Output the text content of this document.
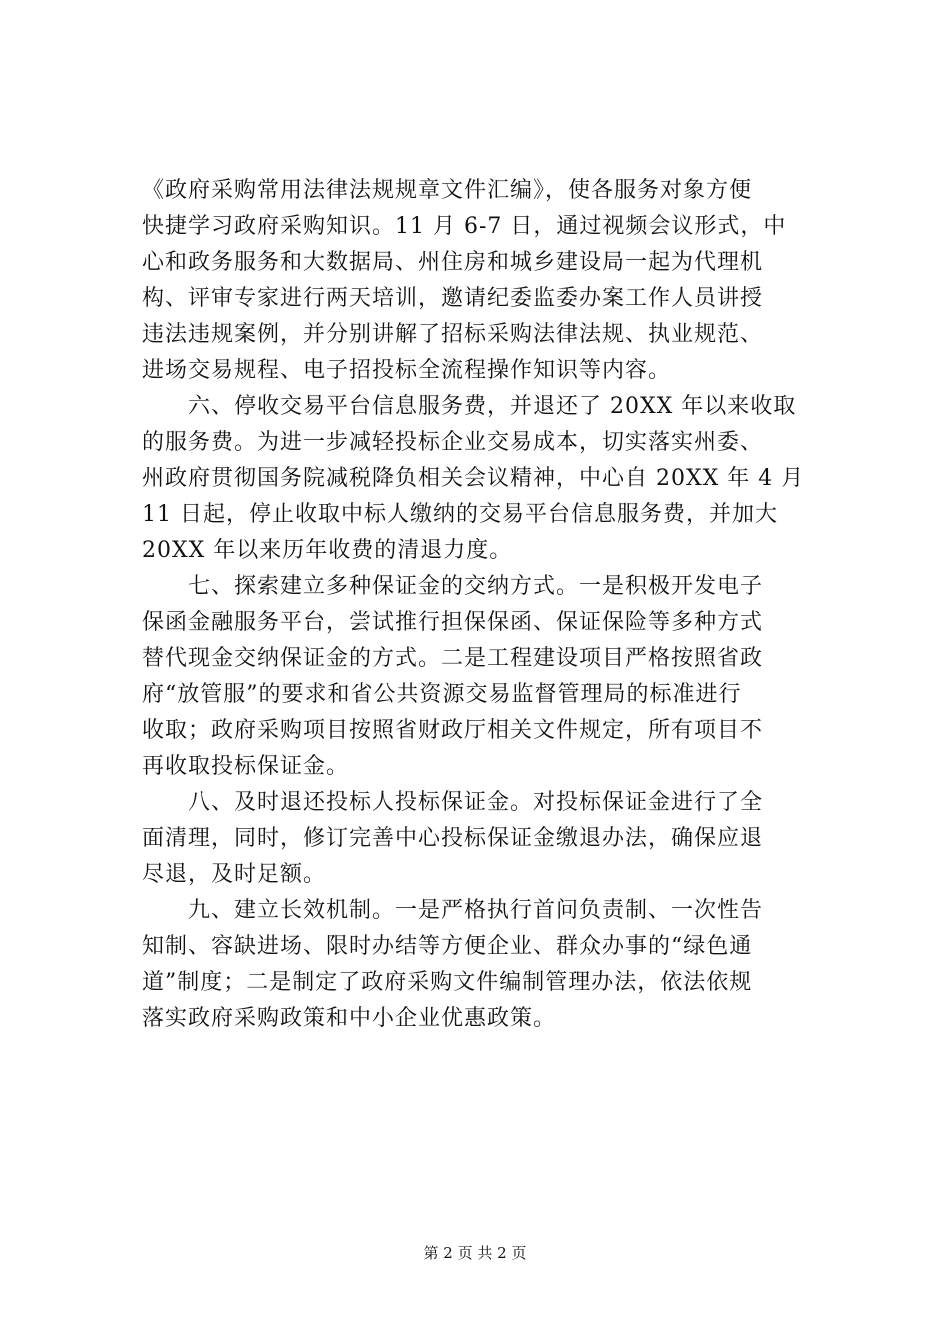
《政府采购常用法律法规规章文件汇编》，使各服务对象方便
快捷学习政府采购知识。11 月 6-7 日，通过视频会议形式，中
心和政务服务和大数据局、州住房和城乡建设局一起为代理机
构、评审专家进行两天培训，邀请纪委监委办案工作人员讲授
违法违规案例，并分别讲解了招标采购法律法规、执业规范、
进场交易规程、电子招投标全流程操作知识等内容。
　　六、停收交易平台信息服务费，并退还了 20XX 年以来收取
的服务费。为进一步减轻投标企业交易成本，切实落实州委、
州政府贯彻国务院减税降负相关会议精神，中心自 20XX 年 4 月
11 日起，停止收取中标人缴纳的交易平台信息服务费，并加大
20XX 年以来历年收费的清退力度。
　　七、探索建立多种保证金的交纳方式。一是积极开发电子
保函金融服务平台，尝试推行担保保函、保证保险等多种方式
替代现金交纳保证金的方式。二是工程建设项目严格按照省政
府“放管服”的要求和省公共资源交易监督管理局的标准进行
收取；政府采购项目按照省财政厅相关文件规定，所有项目不
再收取投标保证金。
　　八、及时退还投标人投标保证金。对投标保证金进行了全
面清理，同时，修订完善中心投标保证金缴退办法，确保应退
尽退，及时足额。
　　九、建立长效机制。一是严格执行首问负责制、一次性告
知制、容缺进场、限时办结等方便企业、群众办事的“绿色通
道”制度；二是制定了政府采购文件编制管理办法，依法依规
落实政府采购政策和中小企业优惠政策。
第 2 页 共 2 页
